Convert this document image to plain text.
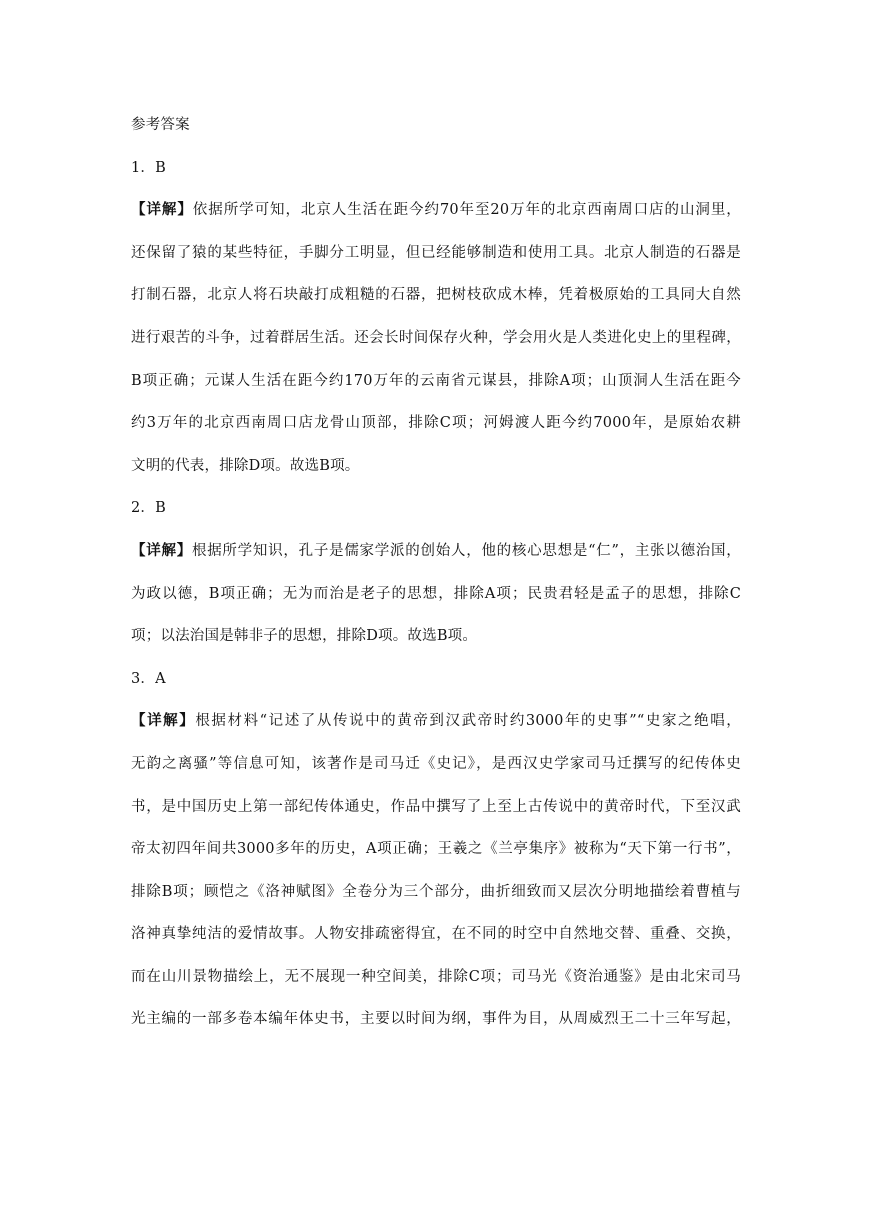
参考答案
1．B
【详解】依据所学可知，北京人生活在距今约70年至20万年的北京西南周口店的山洞里，
还保留了猿的某些特征，手脚分工明显，但已经能够制造和使用工具。北京人制造的石器是
打制石器，北京人将石块敲打成粗糙的石器，把树枝砍成木棒，凭着极原始的工具同大自然
进行艰苦的斗争，过着群居生活。还会长时间保存火种，学会用火是人类进化史上的里程碑，
B项正确；元谋人生活在距今约170万年的云南省元谋县，排除A项；山顶洞人生活在距今
约3万年的北京西南周口店龙骨山顶部，排除C项；河姆渡人距今约7000年，是原始农耕
文明的代表，排除D项。故选B项。
2．B
【详解】根据所学知识，孔子是儒家学派的创始人，他的核心思想是“仁”，主张以德治国，
为政以德，B项正确；无为而治是老子的思想，排除A项；民贵君轻是孟子的思想，排除C
项；以法治国是韩非子的思想，排除D项。故选B项。
3．A
【详解】根据材料“记述了从传说中的黄帝到汉武帝时约3000年的史事”“史家之绝唱，
无韵之离骚”等信息可知，该著作是司马迁《史记》，是西汉史学家司马迁撰写的纪传体史
书，是中国历史上第一部纪传体通史，作品中撰写了上至上古传说中的黄帝时代，下至汉武
帝太初四年间共3000多年的历史，A项正确；王羲之《兰亭集序》被称为“天下第一行书”，
排除B项；顾恺之《洛神赋图》全卷分为三个部分，曲折细致而又层次分明地描绘着曹植与
洛神真挚纯洁的爱情故事。人物安排疏密得宜，在不同的时空中自然地交替、重叠、交换，
而在山川景物描绘上，无不展现一种空间美，排除C项；司马光《资治通鉴》是由北宋司马
光主编的一部多卷本编年体史书，主要以时间为纲，事件为目，从周威烈王二十三年写起，
